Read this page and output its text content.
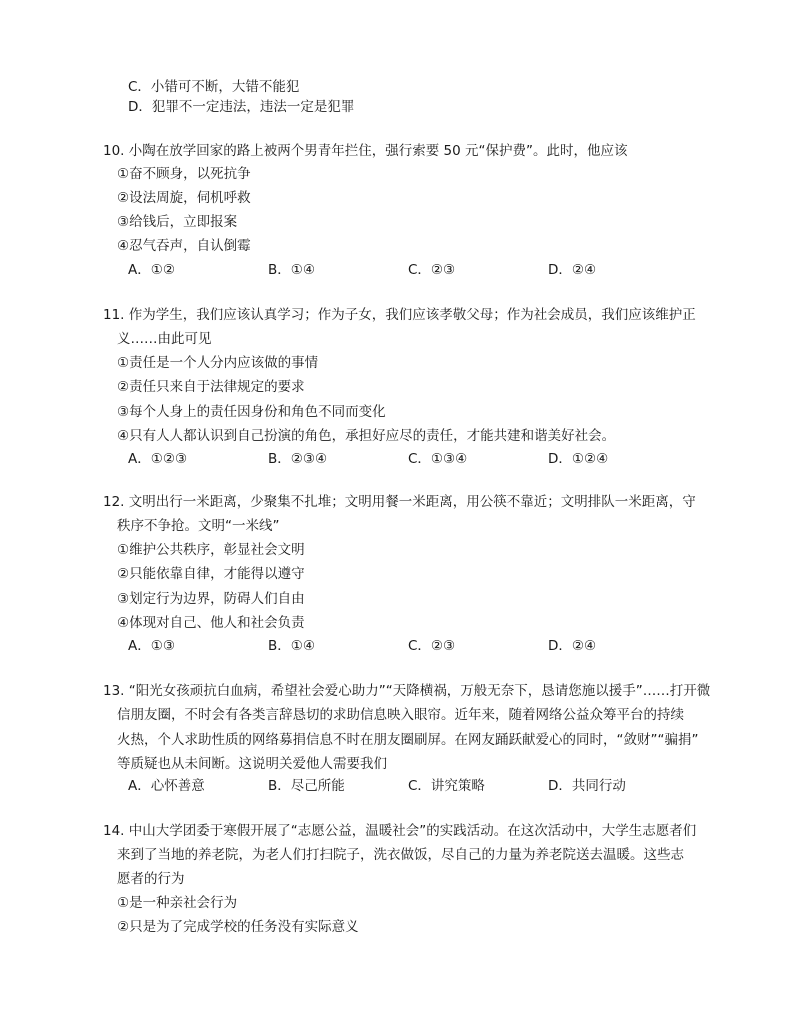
C．小错可不断，大错不能犯
D．犯罪不一定违法，违法一定是犯罪
10. 小陶在放学回家的路上被两个男青年拦住，强行索要 50 元“保护费”。此时，他应该
①奋不顾身，以死抗争
②设法周旋，伺机呼救
③给钱后，立即报案
④忍气吞声，自认倒霉
A．①②	B．①④	C．②③	D．②④
11. 作为学生，我们应该认真学习；作为子女，我们应该孝敬父母；作为社会成员，我们应该维护正
义……由此可见
①责任是一个人分内应该做的事情
②责任只来自于法律规定的要求
③每个人身上的责任因身份和角色不同而变化
④只有人人都认识到自己扮演的角色，承担好应尽的责任，才能共建和谐美好社会。
A．①②③	B．②③④	C．①③④	D．①②④
12. 文明出行一米距离，少聚集不扎堆；文明用餐一米距离，用公筷不靠近；文明排队一米距离，守
秩序不争抢。文明“一米线”
①维护公共秩序，彰显社会文明
②只能依靠自律，才能得以遵守
③划定行为边界，防碍人们自由
④体现对自己、他人和社会负责
A．①③	B．①④	C．②③	D．②④
13. “阳光女孩顽抗白血病，希望社会爱心助力”“天降横祸，万般无奈下，恳请您施以援手”……打开微
信朋友圈，不时会有各类言辞恳切的求助信息映入眼帘。近年来，随着网络公益众筹平台的持续
火热，个人求助性质的网络募捐信息不时在朋友圈刷屏。在网友踊跃献爱心的同时，“敛财”“骗捐”
等质疑也从未间断。这说明关爱他人需要我们
A．心怀善意	B．尽己所能	C．讲究策略	D．共同行动
14. 中山大学团委于寒假开展了“志愿公益，温暖社会”的实践活动。在这次活动中，大学生志愿者们
来到了当地的养老院，为老人们打扫院子，洗衣做饭，尽自己的力量为养老院送去温暖。这些志
愿者的行为
①是一种亲社会行为
②只是为了完成学校的任务没有实际意义
